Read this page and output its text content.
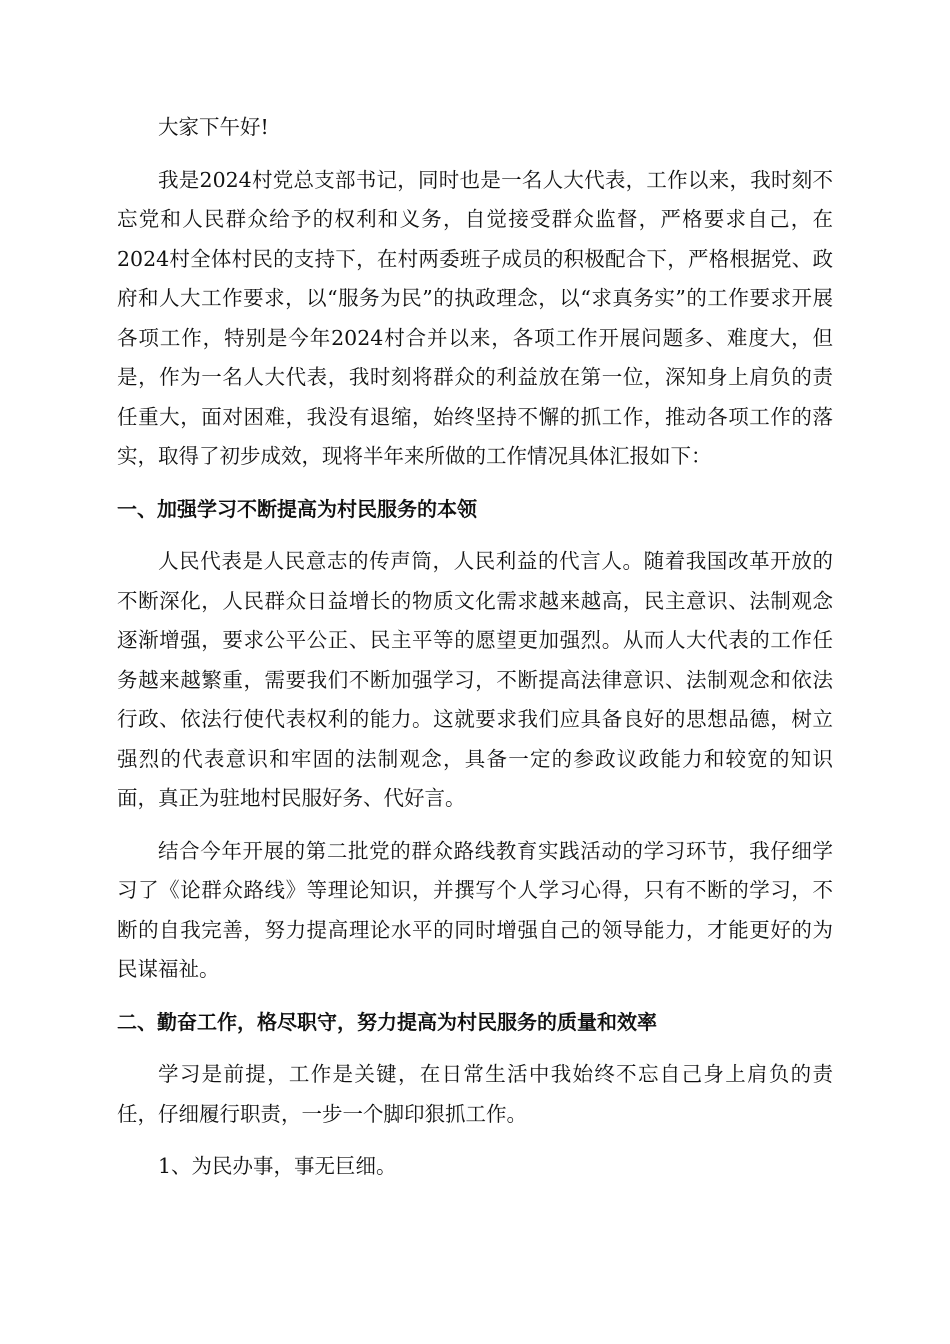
大家下午好!

我是2024村党总支部书记，同时也是一名人大代表，工作以来，我时刻不忘党和人民群众给予的权利和义务，自觉接受群众监督，严格要求自己，在2024村全体村民的支持下，在村两委班子成员的积极配合下，严格根据党、政府和人大工作要求，以“服务为民”的执政理念，以“求真务实”的工作要求开展各项工作，特别是今年2024村合并以来，各项工作开展问题多、难度大，但是，作为一名人大代表，我时刻将群众的利益放在第一位，深知身上肩负的责任重大，面对困难，我没有退缩，始终坚持不懈的抓工作，推动各项工作的落实，取得了初步成效，现将半年来所做的工作情况具体汇报如下：

一、加强学习不断提高为村民服务的本领

人民代表是人民意志的传声筒，人民利益的代言人。随着我国改革开放的不断深化，人民群众日益增长的物质文化需求越来越高，民主意识、法制观念逐渐增强，要求公平公正、民主平等的愿望更加强烈。从而人大代表的工作任务越来越繁重，需要我们不断加强学习，不断提高法律意识、法制观念和依法行政、依法行使代表权利的能力。这就要求我们应具备良好的思想品德，树立强烈的代表意识和牢固的法制观念，具备一定的参政议政能力和较宽的知识面，真正为驻地村民服好务、代好言。

结合今年开展的第二批党的群众路线教育实践活动的学习环节，我仔细学习了《论群众路线》等理论知识，并撰写个人学习心得，只有不断的学习，不断的自我完善，努力提高理论水平的同时增强自己的领导能力，才能更好的为民谋福祉。

二、勤奋工作，格尽职守，努力提高为村民服务的质量和效率

学习是前提，工作是关键，在日常生活中我始终不忘自己身上肩负的责任，仔细履行职责，一步一个脚印狠抓工作。

1、为民办事，事无巨细。
